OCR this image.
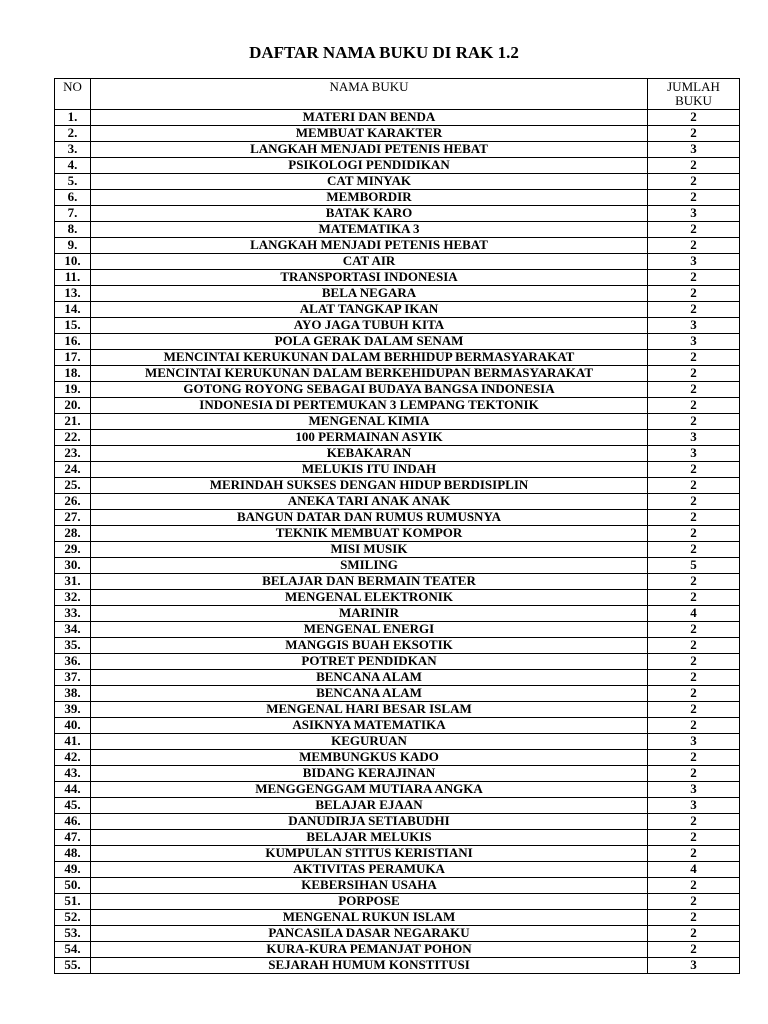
DAFTAR NAMA BUKU DI RAK 1.2
NO	NAMA BUKU	JUMLAH BUKU
1.	MATERI DAN BENDA	2
2.	MEMBUAT KARAKTER	2
3.	LANGKAH MENJADI PETENIS HEBAT	3
4.	PSIKOLOGI PENDIDIKAN	2
5.	CAT MINYAK	2
6.	MEMBORDIR	2
7.	BATAK KARO	3
8.	MATEMATIKA 3	2
9.	LANGKAH MENJADI PETENIS HEBAT	2
10.	CAT AIR	3
11.	TRANSPORTASI INDONESIA	2
13.	BELA NEGARA	2
14.	ALAT TANGKAP IKAN	2
15.	AYO JAGA TUBUH KITA	3
16.	POLA GERAK DALAM SENAM	3
17.	MENCINTAI KERUKUNAN DALAM BERHIDUP BERMASYARAKAT	2
18.	MENCINTAI KERUKUNAN DALAM BERKEHIDUPAN BERMASYARAKAT	2
19.	GOTONG ROYONG SEBAGAI BUDAYA BANGSA INDONESIA	2
20.	INDONESIA DI PERTEMUKAN 3 LEMPANG TEKTONIK	2
21.	MENGENAL KIMIA	2
22.	100 PERMAINAN ASYIK	3
23.	KEBAKARAN	3
24.	MELUKIS ITU INDAH	2
25.	MERINDAH SUKSES DENGAN HIDUP BERDISIPLIN	2
26.	ANEKA TARI ANAK ANAK	2
27.	BANGUN DATAR DAN RUMUS RUMUSNYA	2
28.	TEKNIK MEMBUAT KOMPOR	2
29.	MISI MUSIK	2
30.	SMILING	5
31.	BELAJAR DAN BERMAIN TEATER	2
32.	MENGENAL ELEKTRONIK	2
33.	MARINIR	4
34.	MENGENAL ENERGI	2
35.	MANGGIS BUAH EKSOTIK	2
36.	POTRET PENDIDKAN	2
37.	BENCANA ALAM	2
38.	BENCANA ALAM	2
39.	MENGENAL HARI BESAR ISLAM	2
40.	ASIKNYA MATEMATIKA	2
41.	KEGURUAN	3
42.	MEMBUNGKUS KADO	2
43.	BIDANG KERAJINAN	2
44.	MENGGENGGAM MUTIARA ANGKA	3
45.	BELAJAR EJAAN	3
46.	DANUDIRJA SETIABUDHI	2
47.	BELAJAR MELUKIS	2
48.	KUMPULAN STITUS KERISTIANI	2
49.	AKTIVITAS PERAMUKA	4
50.	KEBERSIHAN USAHA	2
51.	PORPOSE	2
52.	MENGENAL RUKUN ISLAM	2
53.	PANCASILA DASAR NEGARAKU	2
54.	KURA-KURA PEMANJAT POHON	2
55.	SEJARAH HUMUM KONSTITUSI	3
